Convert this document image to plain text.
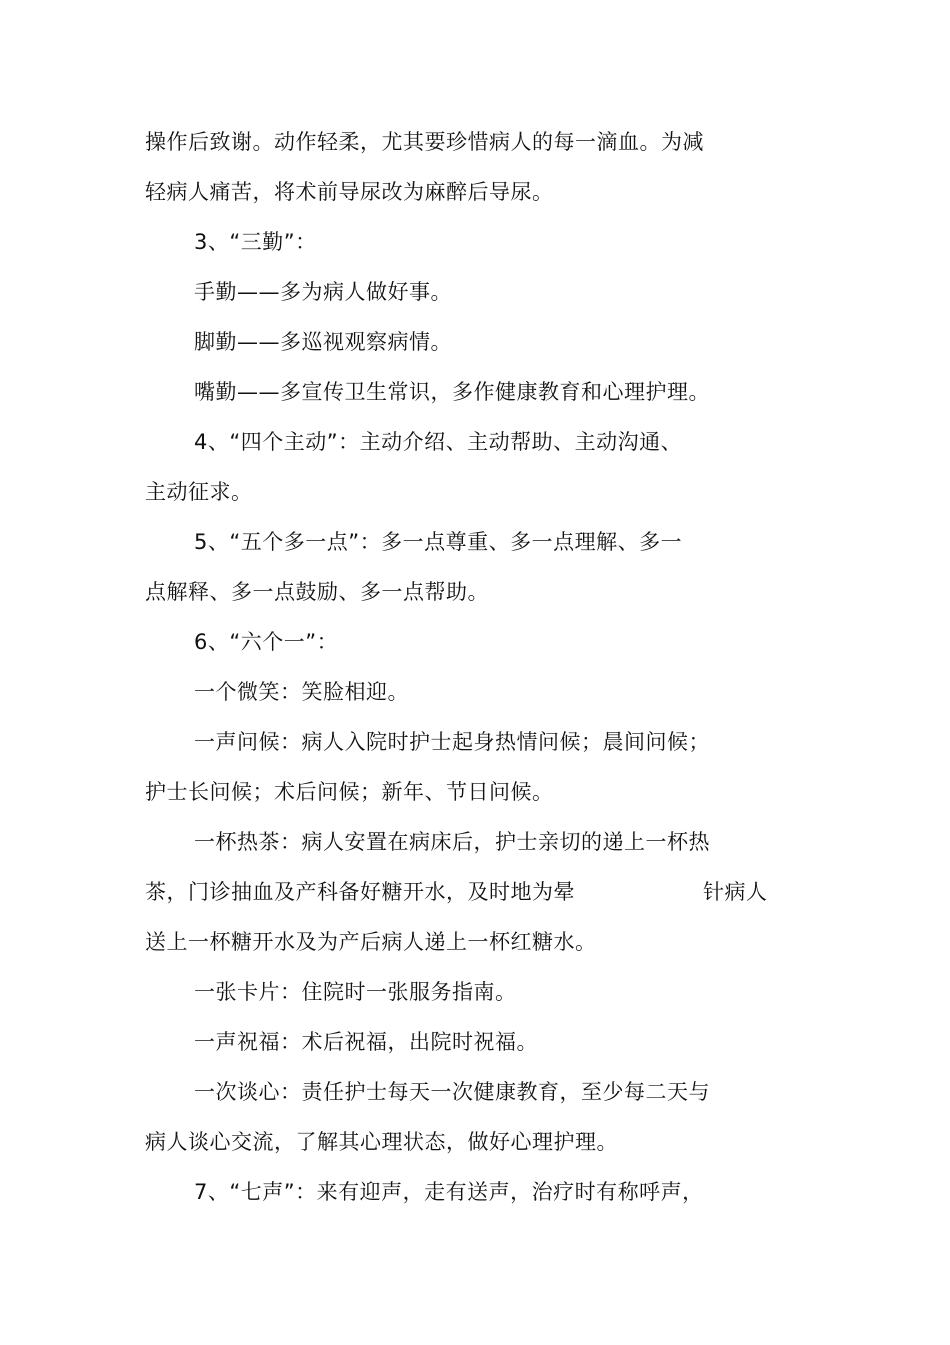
操作后致谢。动作轻柔，尤其要珍惜病人的每一滴血。为减
轻病人痛苦，将术前导尿改为麻醉后导尿。
3、“三勤”：
手勤——多为病人做好事。
脚勤——多巡视观察病情。
嘴勤——多宣传卫生常识，多作健康教育和心理护理。
4、“四个主动”：主动介绍、主动帮助、主动沟通、
主动征求。
5、“五个多一点”：多一点尊重、多一点理解、多一
点解释、多一点鼓励、多一点帮助。
6、“六个一”：
一个微笑：笑脸相迎。
一声问候：病人入院时护士起身热情问候；晨间问候；
护士长问候；术后问候；新年、节日问候。
一杯热茶：病人安置在病床后，护士亲切的递上一杯热
茶，门诊抽血及产科备好糖开水，及时地为晕	针病人
送上一杯糖开水及为产后病人递上一杯红糖水。
一张卡片：住院时一张服务指南。
一声祝福：术后祝福，出院时祝福。
一次谈心：责任护士每天一次健康教育，至少每二天与
病人谈心交流，了解其心理状态，做好心理护理。
7、“七声”：来有迎声，走有送声，治疗时有称呼声，
